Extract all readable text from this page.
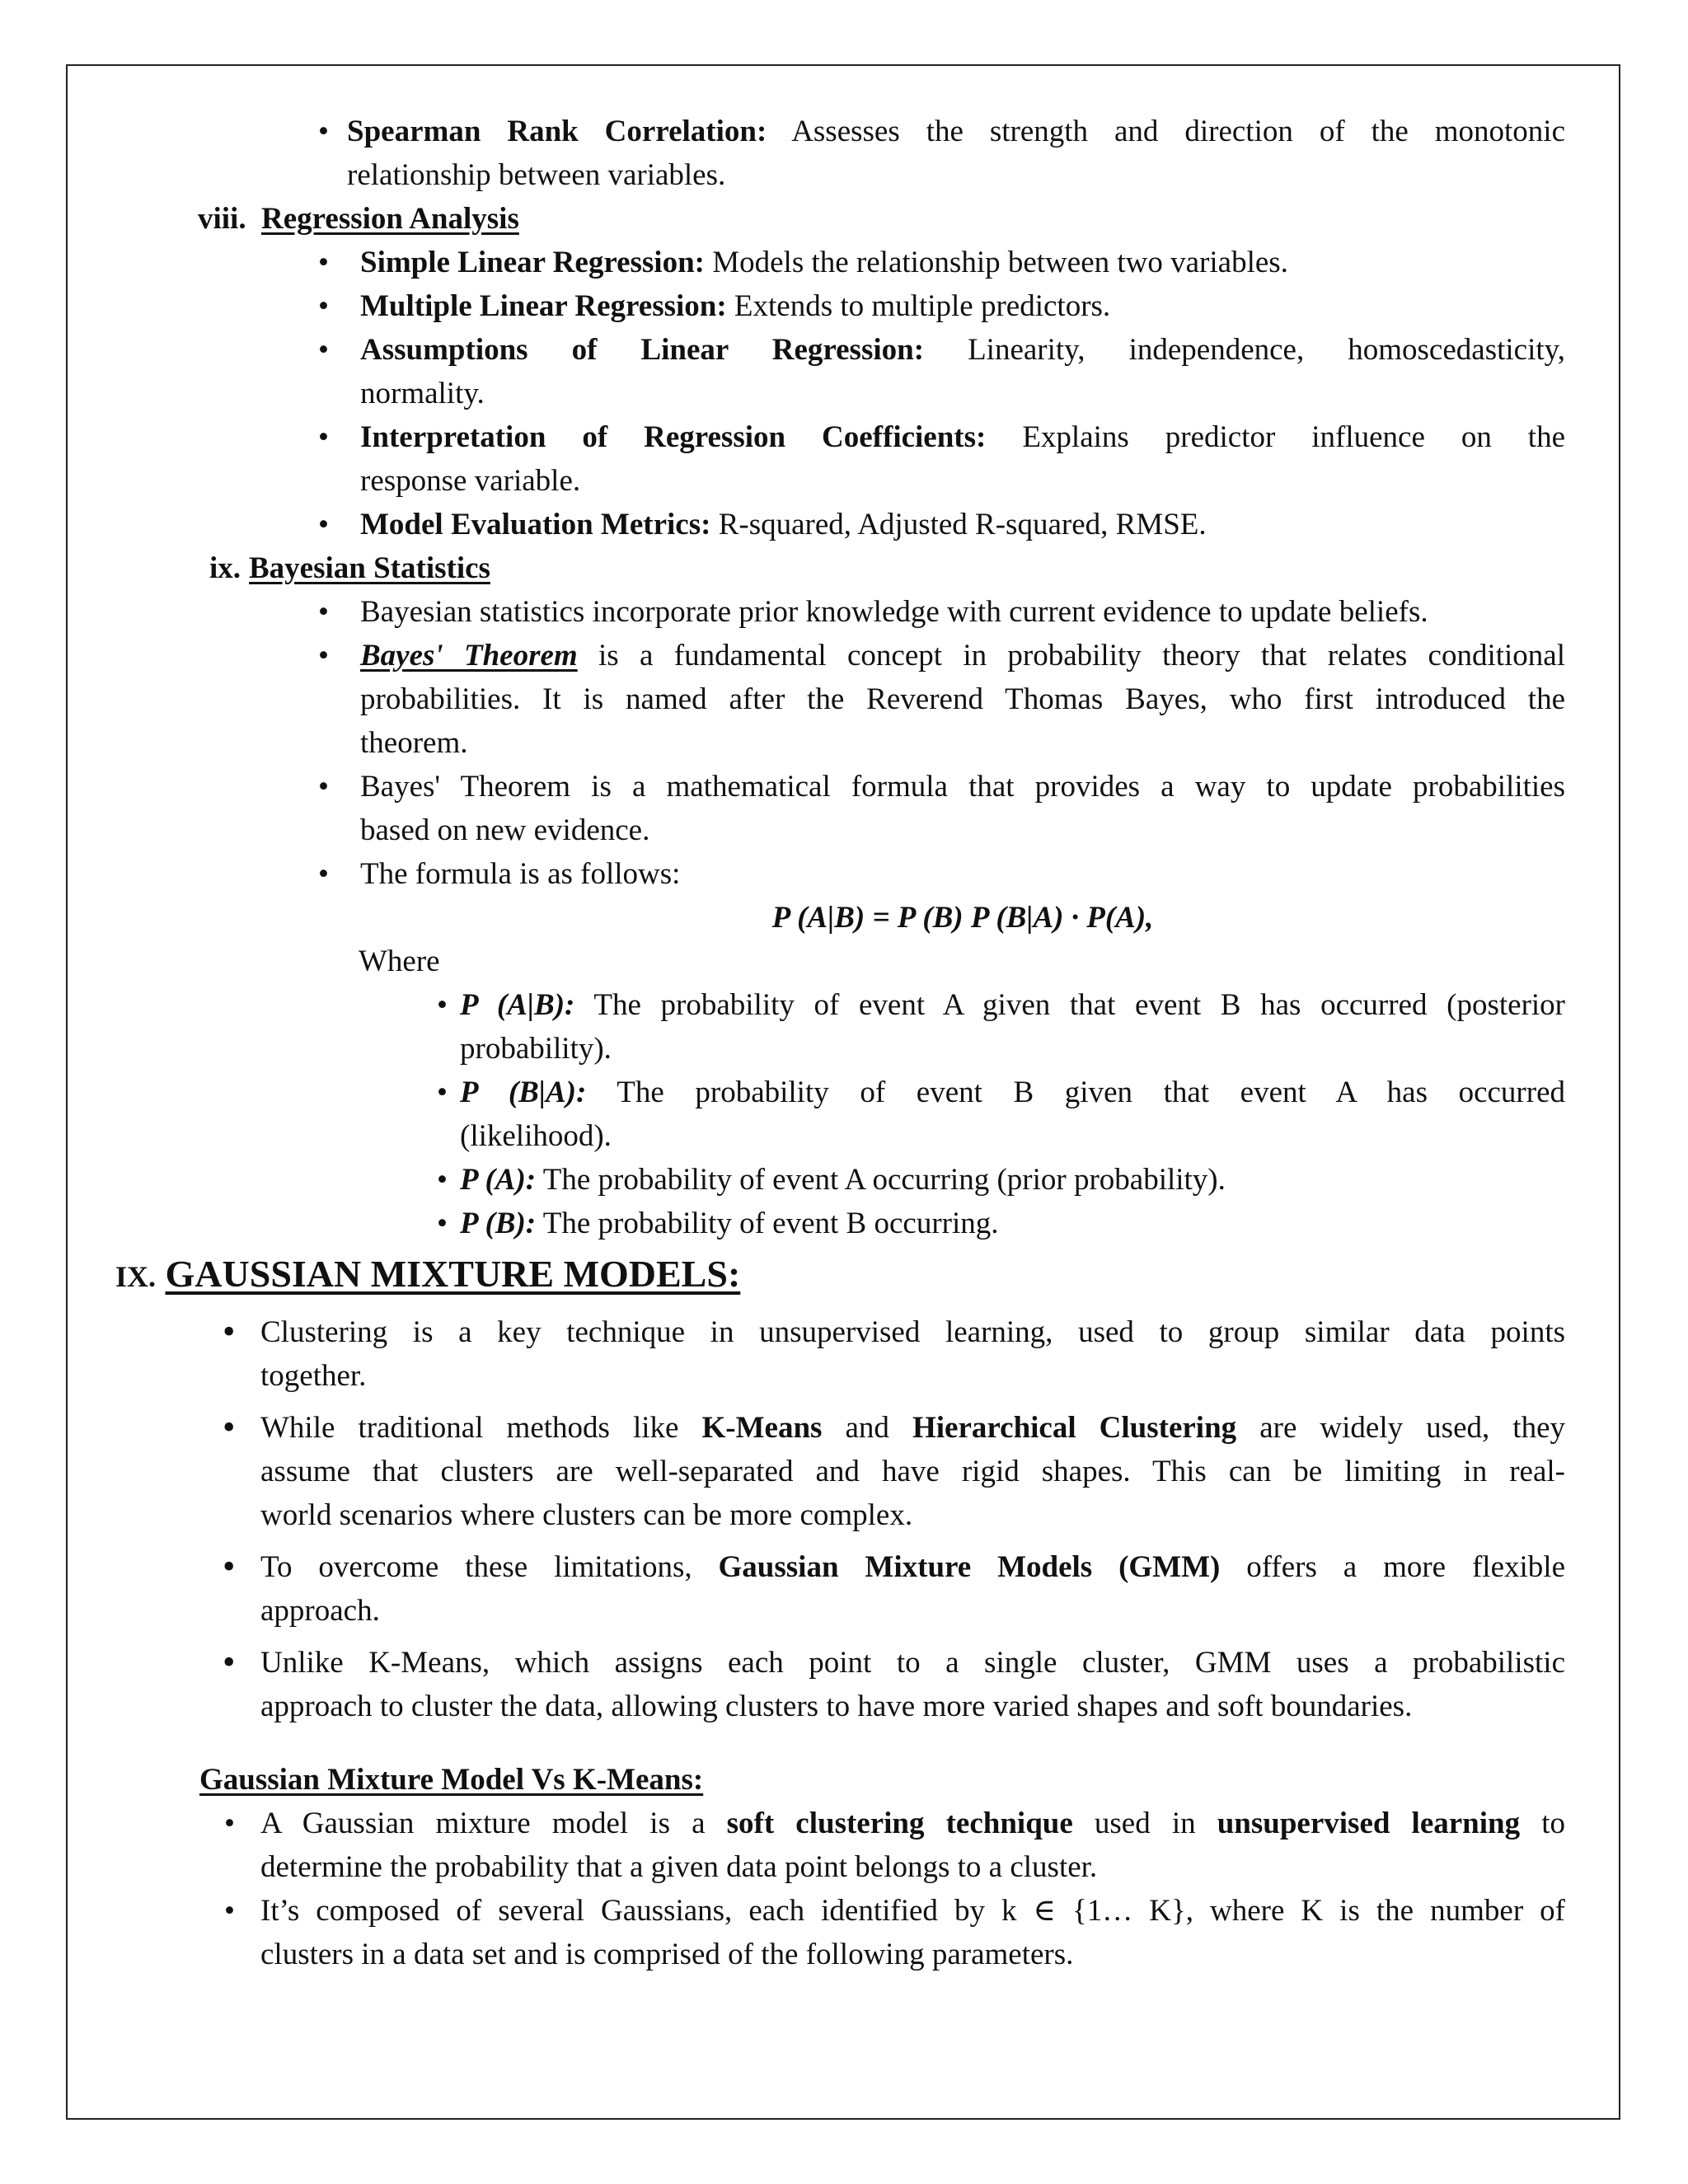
• Spearman Rank Correlation: Assesses the strength and direction of the monotonic
relationship between variables.
viii. Regression Analysis
• Simple Linear Regression: Models the relationship between two variables.
• Multiple Linear Regression: Extends to multiple predictors.
• Assumptions of Linear Regression: Linearity, independence, homoscedasticity,
normality.
• Interpretation of Regression Coefficients: Explains predictor influence on the
response variable.
• Model Evaluation Metrics: R-squared, Adjusted R-squared, RMSE.
ix. Bayesian Statistics
• Bayesian statistics incorporate prior knowledge with current evidence to update beliefs.
• Bayes' Theorem is a fundamental concept in probability theory that relates conditional
probabilities. It is named after the Reverend Thomas Bayes, who first introduced the
theorem.
• Bayes' Theorem is a mathematical formula that provides a way to update probabilities
based on new evidence.
• The formula is as follows:
P (A|B) = P (B) P (B|A) · P(A),
Where
• P (A|B): The probability of event A given that event B has occurred (posterior
probability).
• P (B|A): The probability of event B given that event A has occurred
(likelihood).
• P (A): The probability of event A occurring (prior probability).
• P (B): The probability of event B occurring.
IX. GAUSSIAN MIXTURE MODELS:
• Clustering is a key technique in unsupervised learning, used to group similar data points
together.
• While traditional methods like K-Means and Hierarchical Clustering are widely used, they
assume that clusters are well-separated and have rigid shapes. This can be limiting in real-
world scenarios where clusters can be more complex.
• To overcome these limitations, Gaussian Mixture Models (GMM) offers a more flexible
approach.
• Unlike K-Means, which assigns each point to a single cluster, GMM uses a probabilistic
approach to cluster the data, allowing clusters to have more varied shapes and soft boundaries.
Gaussian Mixture Model Vs K-Means:
• A Gaussian mixture model is a soft clustering technique used in unsupervised learning to
determine the probability that a given data point belongs to a cluster.
• It’s composed of several Gaussians, each identified by k ∈ {1… K}, where K is the number of
clusters in a data set and is comprised of the following parameters.
